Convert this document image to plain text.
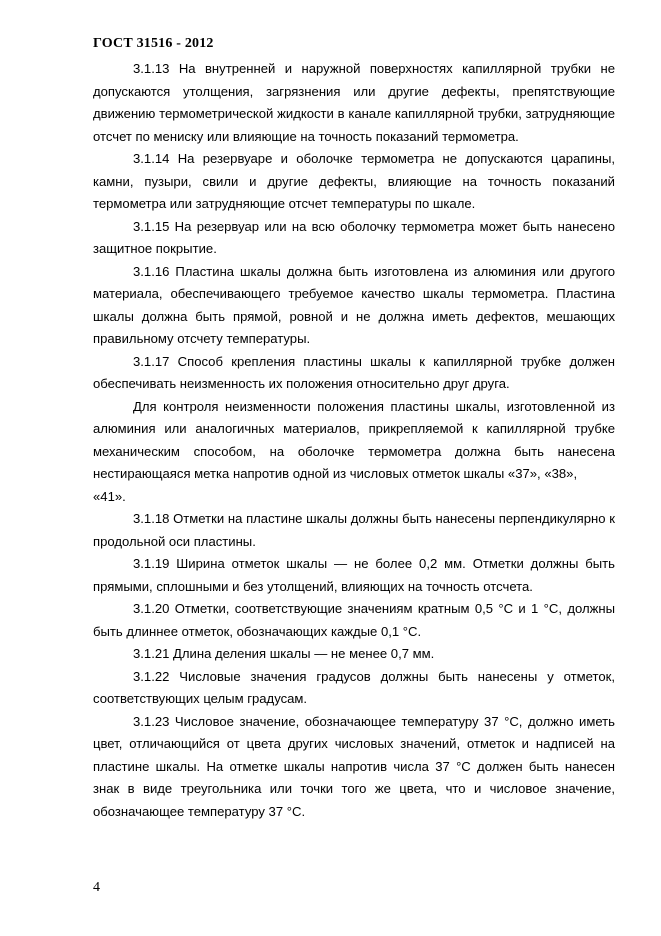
ГОСТ 31516 - 2012

3.1.13 На внутренней и наружной поверхностях капиллярной трубки не допускаются утолщения, загрязнения или другие дефекты, препятствующие движению термометрической жидкости в канале капиллярной трубки, затрудняющие отсчет по мениску или влияющие на точность показаний термометра.

3.1.14 На резервуаре и оболочке термометра не допускаются царапины, камни, пузыри, свили и другие дефекты, влияющие на точность показаний термометра или затрудняющие отсчет температуры по шкале.

3.1.15 На резервуар или на всю оболочку термометра может быть нанесено защитное покрытие.

3.1.16 Пластина шкалы должна быть изготовлена из алюминия или другого материала, обеспечивающего требуемое качество шкалы термометра. Пластина шкалы должна быть прямой, ровной и не должна иметь дефектов, мешающих правильному отсчету температуры.

3.1.17 Способ крепления пластины шкалы к капиллярной трубке должен обеспечивать неизменность их положения относительно друг друга.

Для контроля неизменности положения пластины шкалы, изготовленной из алюминия или аналогичных материалов, прикрепляемой к капиллярной трубке механическим способом, на оболочке термометра должна быть нанесена нестирающаяся метка напротив одной из числовых отметок шкалы «37», «38»,

«41».

3.1.18 Отметки на пластине шкалы должны быть нанесены перпендикулярно к продольной оси пластины.

3.1.19 Ширина отметок шкалы — не более 0,2 мм. Отметки должны быть прямыми, сплошными и без утолщений, влияющих на точность отсчета.

3.1.20 Отметки, соответствующие значениям кратным 0,5 °С и 1 °С, должны быть длиннее отметок, обозначающих каждые 0,1 °С.

3.1.21 Длина деления шкалы — не менее 0,7 мм.

3.1.22 Числовые значения градусов должны быть нанесены у отметок, соответствующих целым градусам.

3.1.23 Числовое значение, обозначающее температуру 37 °С, должно иметь цвет, отличающийся от цвета других числовых значений, отметок и надписей на пластине шкалы. На отметке шкалы напротив числа 37 °С должен быть нанесен знак в виде треугольника или точки того же цвета, что и числовое значение, обозначающее температуру 37 °С.

4
